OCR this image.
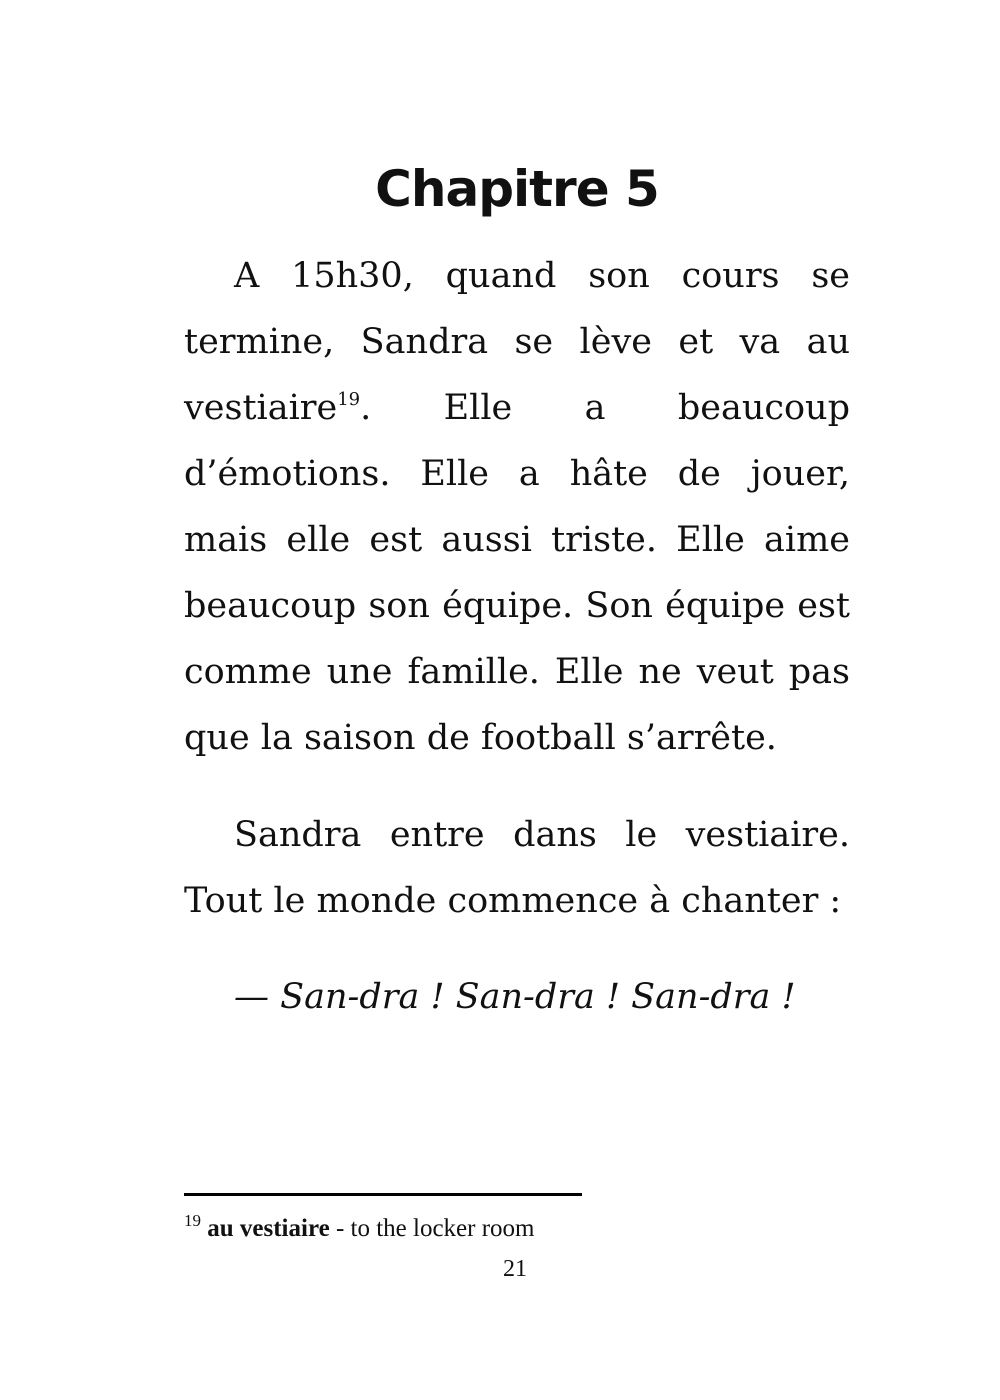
Chapitre 5

A 15h30, quand son cours se termine, Sandra se lève et va au vestiaire$^{19}$. Elle a beaucoup d’émotions. Elle a hâte de jouer, mais elle est aussi triste. Elle aime beaucoup son équipe. Son équipe est comme une famille. Elle ne veut pas que la saison de football s’arrête.

Sandra entre dans le vestiaire. Tout le monde commence à chanter :

— San-dra ! San-dra ! San-dra !

$^{19}$ au vestiaire - to the locker room

21
